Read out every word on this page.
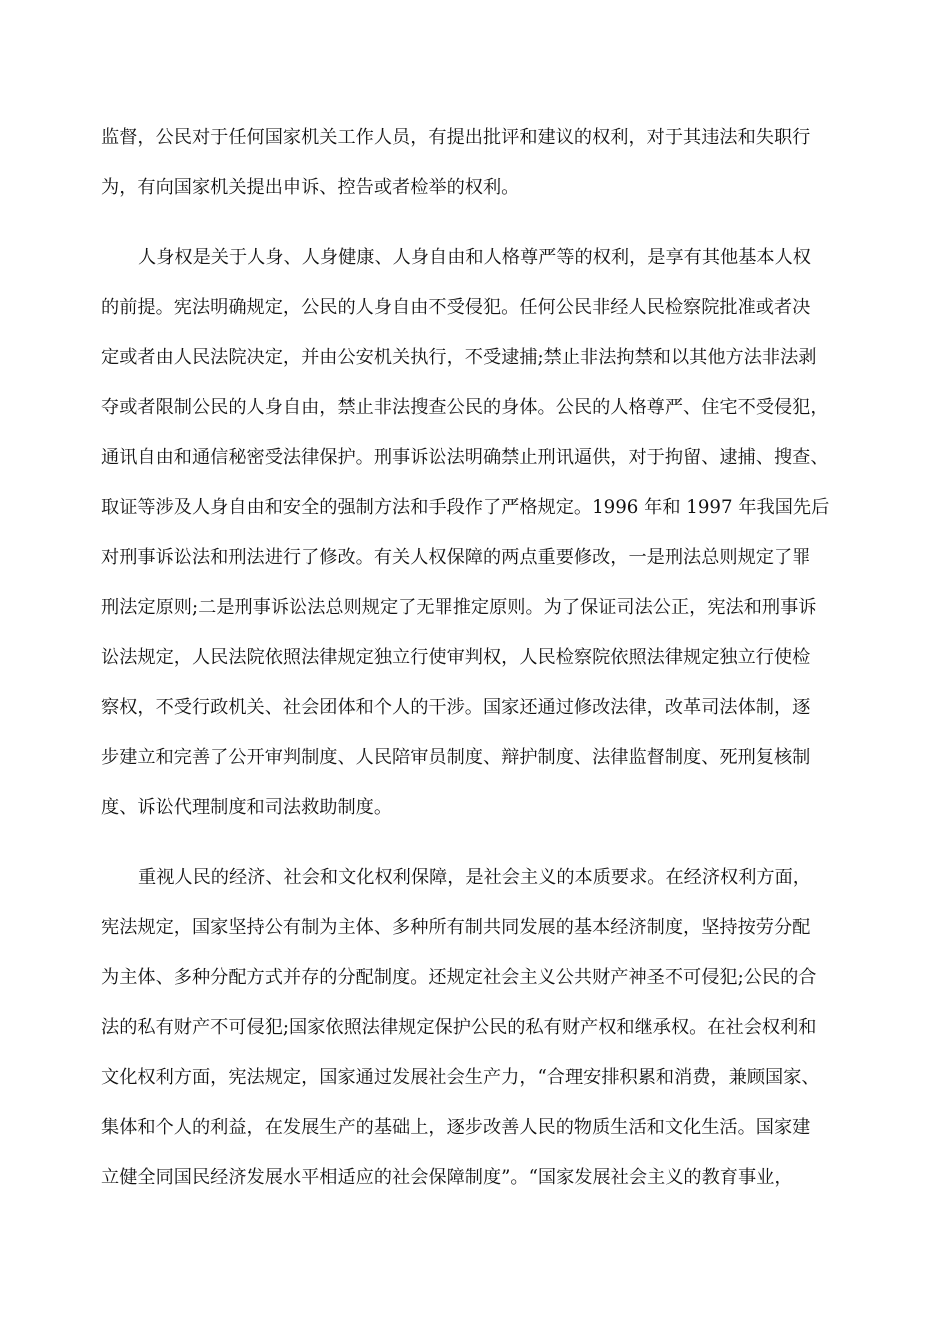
监督，公民对于任何国家机关工作人员，有提出批评和建议的权利，对于其违法和失职行

为，有向国家机关提出申诉、控告或者检举的权利。

人身权是关于人身、人身健康、人身自由和人格尊严等的权利，是享有其他基本人权

的前提。宪法明确规定，公民的人身自由不受侵犯。任何公民非经人民检察院批准或者决

定或者由人民法院决定，并由公安机关执行，不受逮捕;禁止非法拘禁和以其他方法非法剥

夺或者限制公民的人身自由，禁止非法搜查公民的身体。公民的人格尊严、住宅不受侵犯，

通讯自由和通信秘密受法律保护。刑事诉讼法明确禁止刑讯逼供，对于拘留、逮捕、搜查、

取证等涉及人身自由和安全的强制方法和手段作了严格规定。1996 年和 1997 年我国先后

对刑事诉讼法和刑法进行了修改。有关人权保障的两点重要修改，一是刑法总则规定了罪

刑法定原则;二是刑事诉讼法总则规定了无罪推定原则。为了保证司法公正，宪法和刑事诉

讼法规定，人民法院依照法律规定独立行使审判权，人民检察院依照法律规定独立行使检

察权，不受行政机关、社会团体和个人的干涉。国家还通过修改法律，改革司法体制，逐

步建立和完善了公开审判制度、人民陪审员制度、辩护制度、法律监督制度、死刑复核制

度、诉讼代理制度和司法救助制度。

重视人民的经济、社会和文化权利保障，是社会主义的本质要求。在经济权利方面，

宪法规定，国家坚持公有制为主体、多种所有制共同发展的基本经济制度，坚持按劳分配

为主体、多种分配方式并存的分配制度。还规定社会主义公共财产神圣不可侵犯;公民的合

法的私有财产不可侵犯;国家依照法律规定保护公民的私有财产权和继承权。在社会权利和

文化权利方面，宪法规定，国家通过发展社会生产力，“合理安排积累和消费，兼顾国家、

集体和个人的利益，在发展生产的基础上，逐步改善人民的物质生活和文化生活。国家建

立健全同国民经济发展水平相适应的社会保障制度”。“国家发展社会主义的教育事业，
